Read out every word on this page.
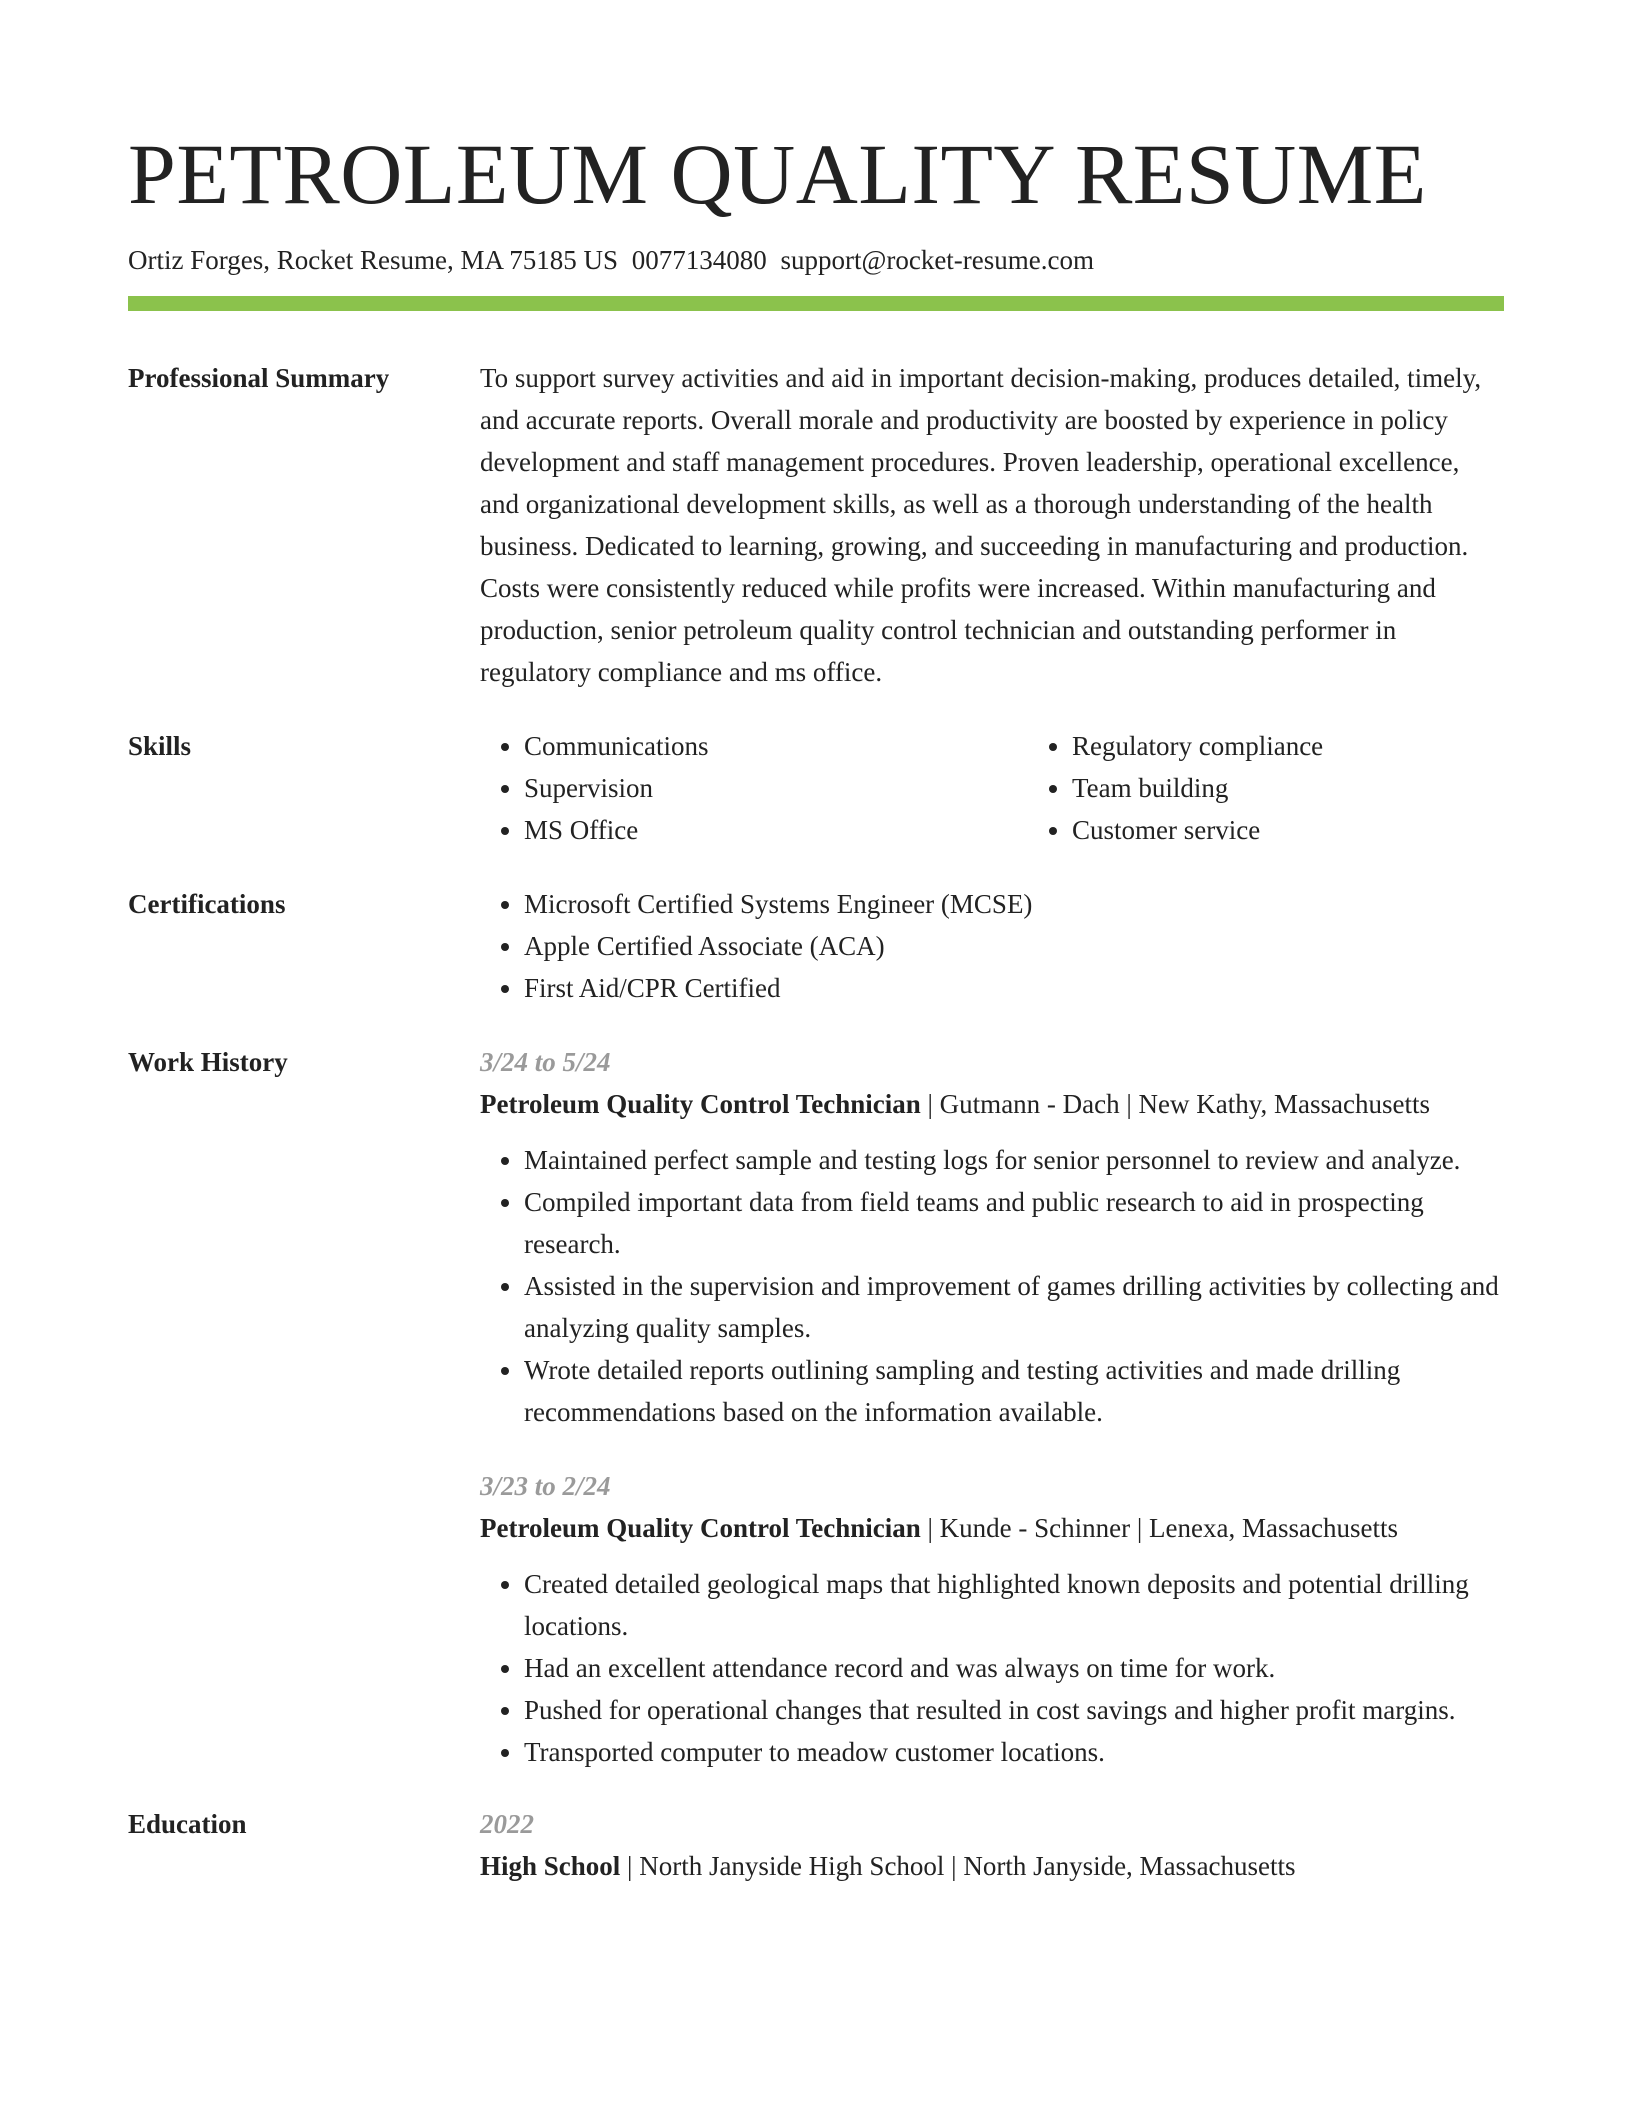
PETROLEUM QUALITY RESUME
Ortiz Forges, Rocket Resume, MA 75185 US 0077134080 support@rocket-resume.com
Professional Summary	To support survey activities and aid in important decision-making, produces detailed, timely, and accurate reports. Overall morale and productivity are boosted by experience in policy development and staff management procedures. Proven leadership, operational excellence, and organizational development skills, as well as a thorough understanding of the health business. Dedicated to learning, growing, and succeeding in manufacturing and production. Costs were consistently reduced while profits were increased. Within manufacturing and production, senior petroleum quality control technician and outstanding performer in regulatory compliance and ms office.

Skills	• Communications
• Supervision
• MS Office
• Regulatory compliance
• Team building
• Customer service
Certifications	• Microsoft Certified Systems Engineer (MCSE)
• Apple Certified Associate (ACA)
• First Aid/CPR Certified
Work History	3/24 to 5/24
Petroleum Quality Control Technician | Gutmann - Dach | New Kathy, Massachusetts
• Maintained perfect sample and testing logs for senior personnel to review and analyze.
• Compiled important data from field teams and public research to aid in prospecting research.
• Assisted in the supervision and improvement of games drilling activities by collecting and analyzing quality samples.
• Wrote detailed reports outlining sampling and testing activities and made drilling recommendations based on the information available.
3/23 to 2/24
Petroleum Quality Control Technician | Kunde - Schinner | Lenexa, Massachusetts
• Created detailed geological maps that highlighted known deposits and potential drilling locations.
• Had an excellent attendance record and was always on time for work.
• Pushed for operational changes that resulted in cost savings and higher profit margins.
• Transported computer to meadow customer locations.
Education	2022
High School | North Janyside High School | North Janyside, Massachusetts
